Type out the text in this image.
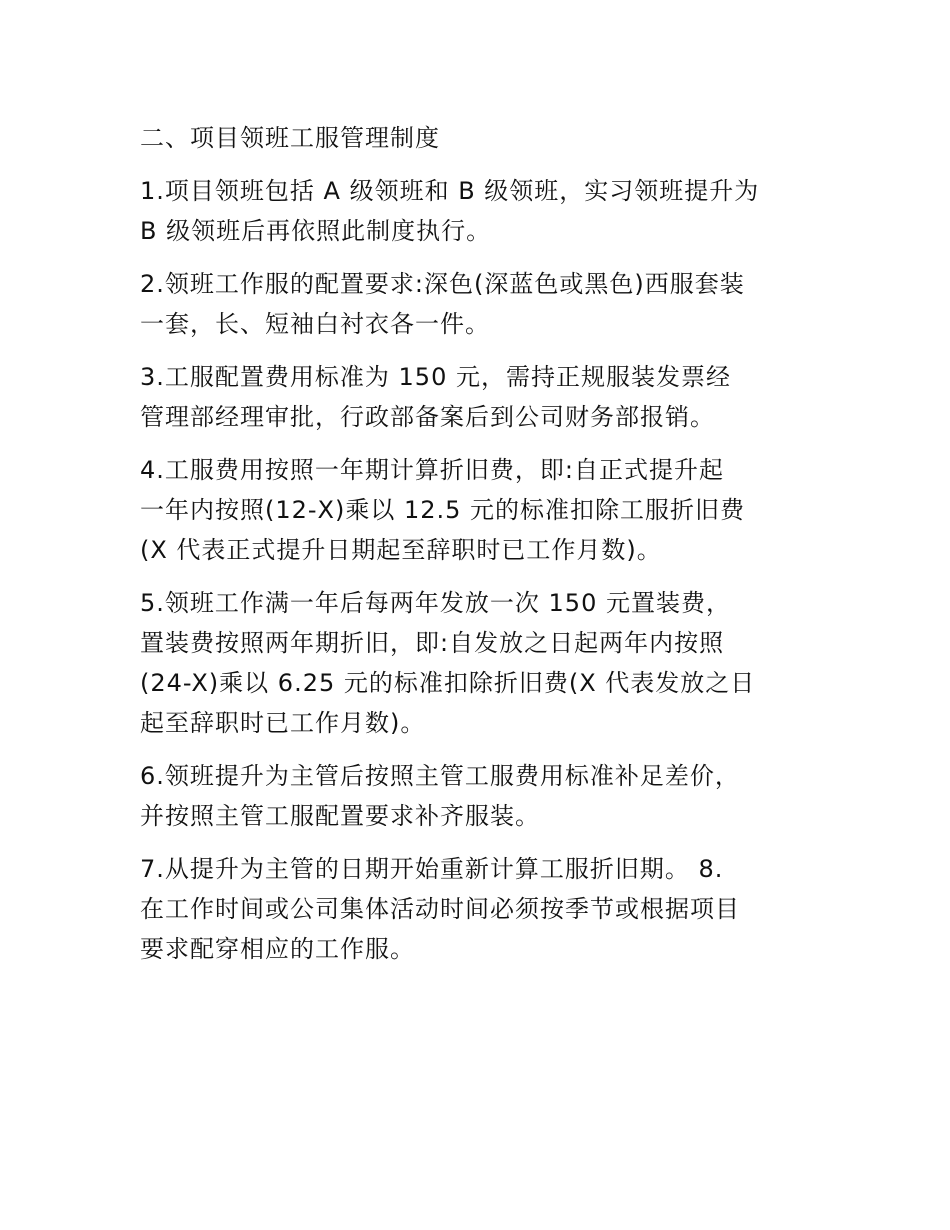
二、项目领班工服管理制度
1.项目领班包括 A 级领班和 B 级领班，实习领班提升为
B 级领班后再依照此制度执行。
2.领班工作服的配置要求:深色(深蓝色或黑色)西服套装
一套，长、短袖白衬衣各一件。
3.工服配置费用标准为 150 元，需持正规服装发票经
管理部经理审批，行政部备案后到公司财务部报销。
4.工服费用按照一年期计算折旧费，即:自正式提升起
一年内按照(12-X)乘以 12.5 元的标准扣除工服折旧费
(X 代表正式提升日期起至辞职时已工作月数)。
5.领班工作满一年后每两年发放一次 150 元置装费，
置装费按照两年期折旧，即:自发放之日起两年内按照
(24-X)乘以 6.25 元的标准扣除折旧费(X 代表发放之日
起至辞职时已工作月数)。
6.领班提升为主管后按照主管工服费用标准补足差价，
并按照主管工服配置要求补齐服装。
7.从提升为主管的日期开始重新计算工服折旧期。 8.
在工作时间或公司集体活动时间必须按季节或根据项目
要求配穿相应的工作服。
